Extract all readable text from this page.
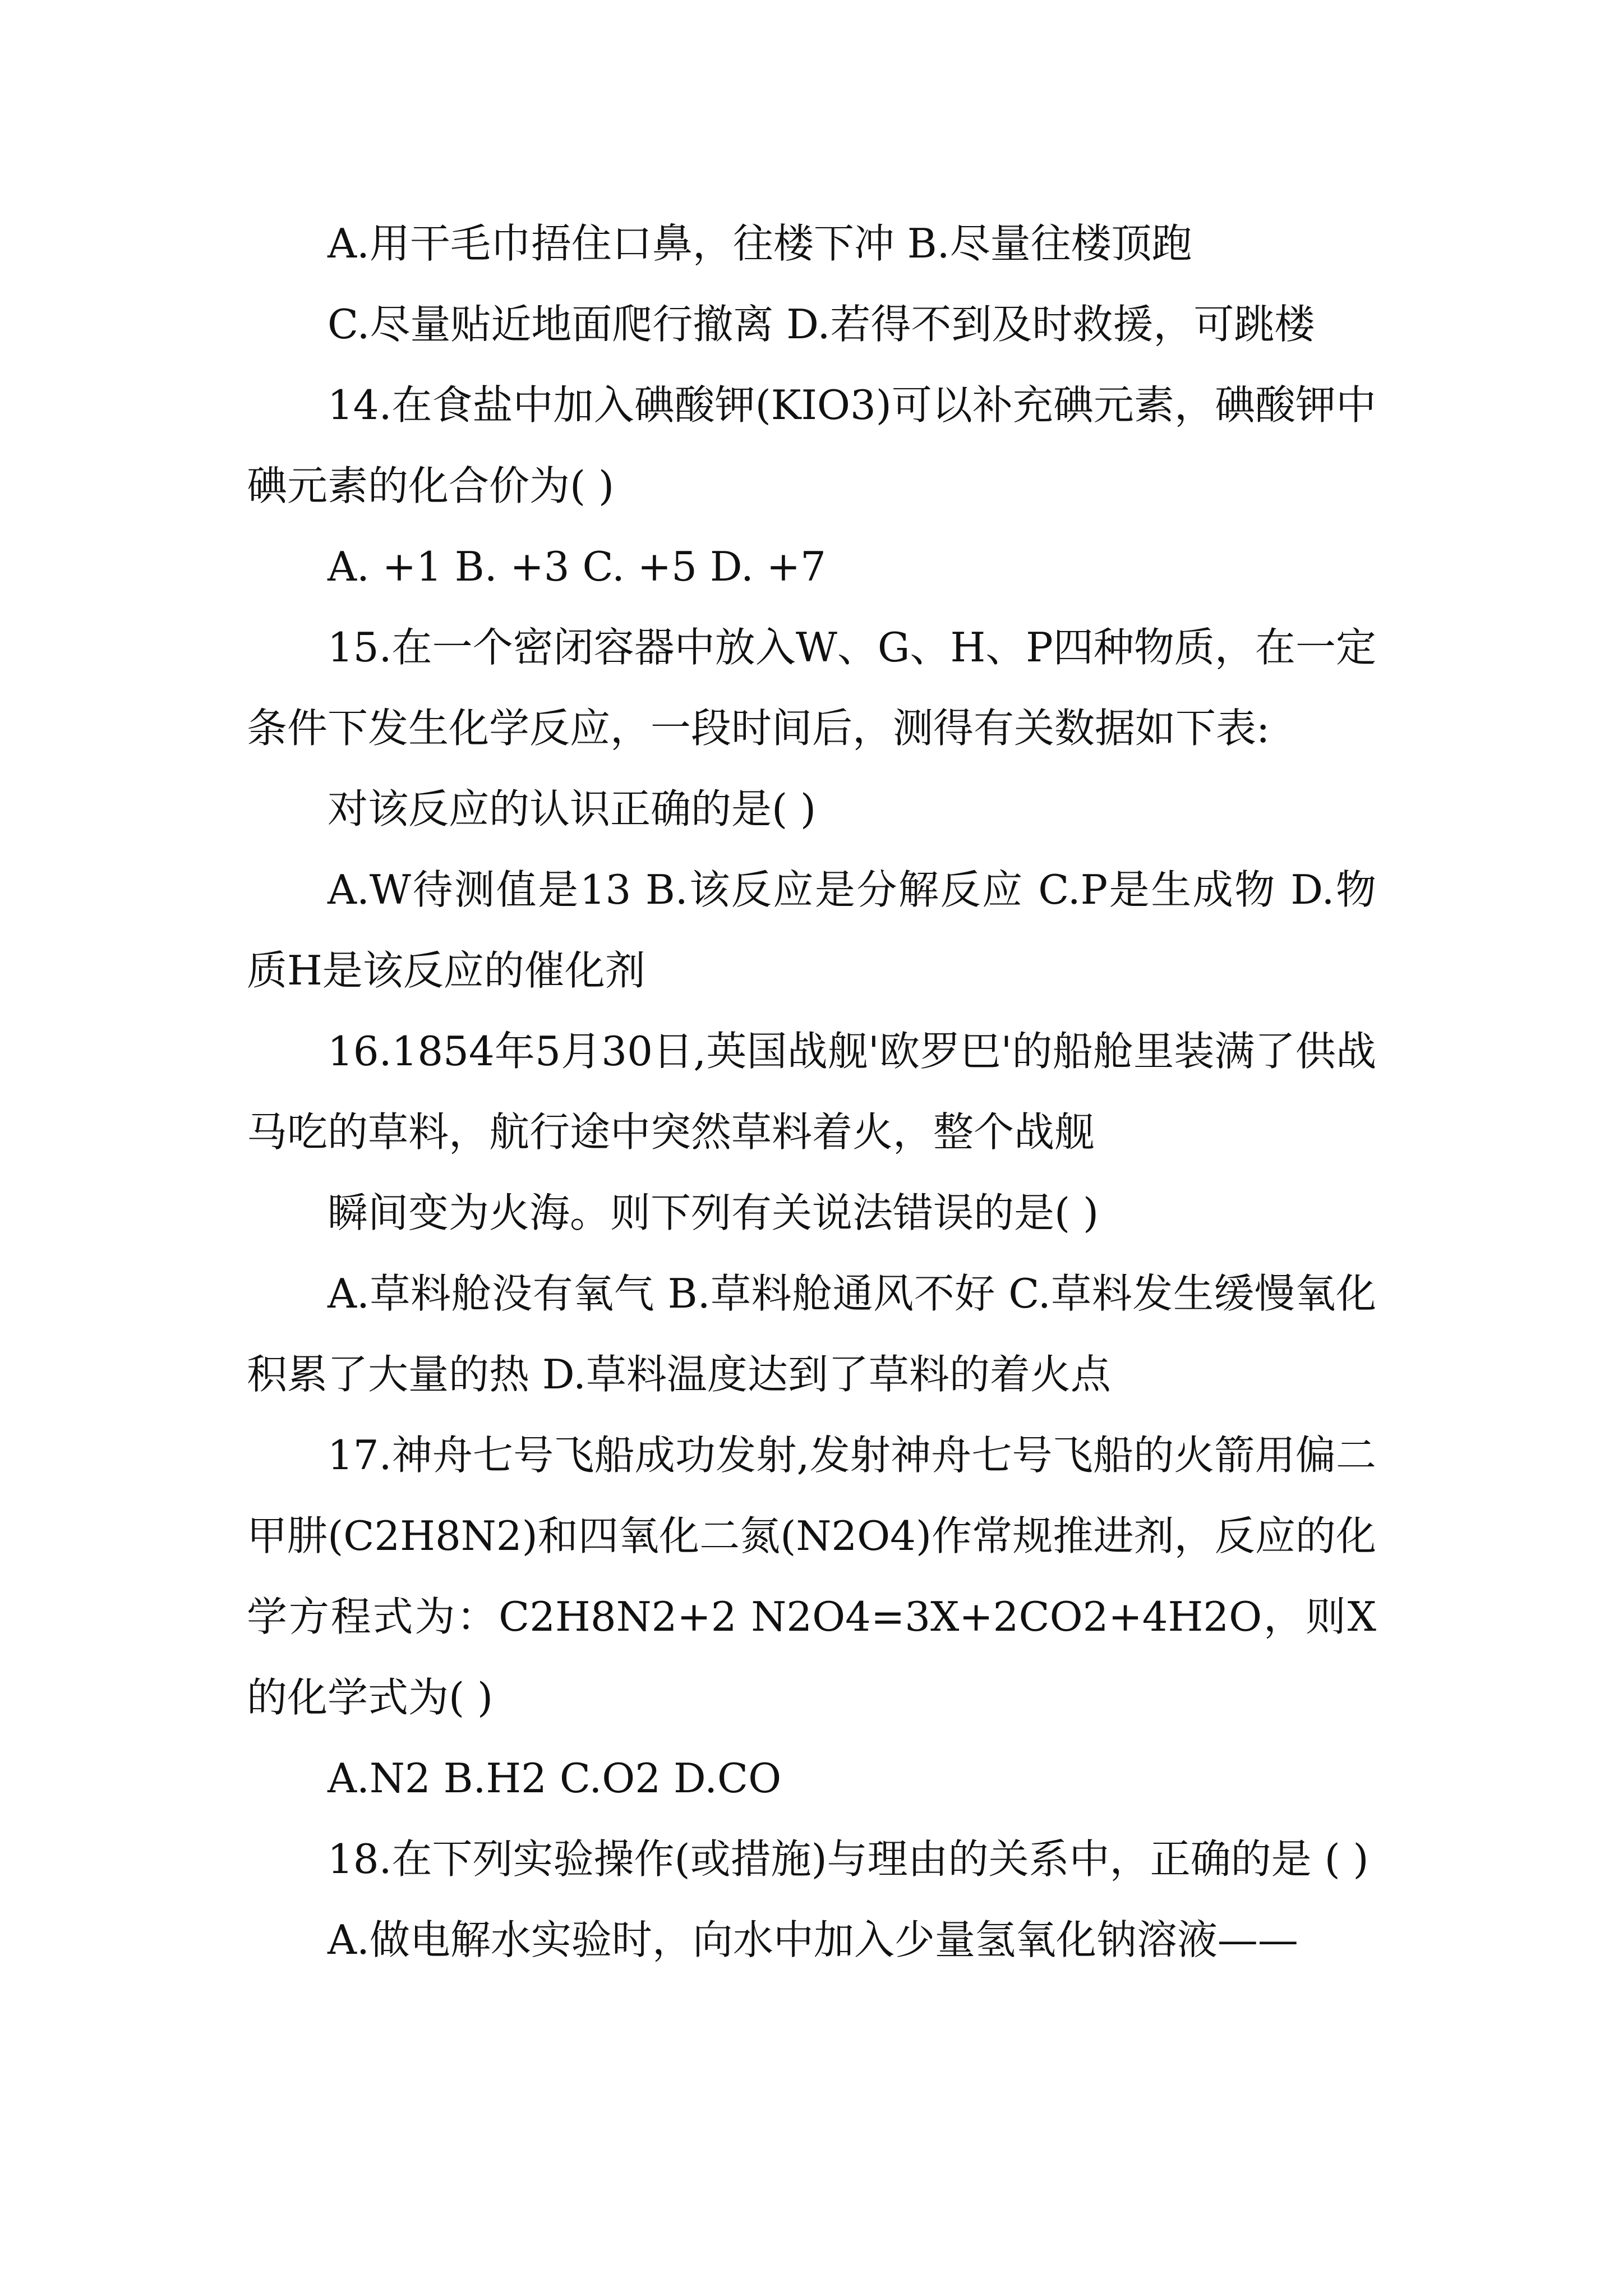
A.用干毛巾捂住口鼻，往楼下冲 B.尽量往楼顶跑

C.尽量贴近地面爬行撤离 D.若得不到及时救援，可跳楼

14.在食盐中加入碘酸钾(KIO3)可以补充碘元素，碘酸钾中碘元素的化合价为( )

A. +1 B. +3 C. +5 D. +7

15.在一个密闭容器中放入W、G、H、P四种物质，在一定条件下发生化学反应，一段时间后，测得有关数据如下表:

对该反应的认识正确的是( )

A.W待测值是13 B.该反应是分解反应 C.P是生成物 D.物质H是该反应的催化剂

16.1854年5月30日,英国战舰'欧罗巴'的船舱里装满了供战马吃的草料，航行途中突然草料着火，整个战舰

瞬间变为火海。则下列有关说法错误的是( )

A.草料舱没有氧气 B.草料舱通风不好 C.草料发生缓慢氧化积累了大量的热 D.草料温度达到了草料的着火点

17.神舟七号飞船成功发射,发射神舟七号飞船的火箭用偏二甲肼(C2H8N2)和四氧化二氮(N2O4)作常规推进剂，反应的化学方程式为：C2H8N2+2 N2O4=3X+2CO2+4H2O，则X的化学式为( )

A.N2 B.H2 C.O2 D.CO

18.在下列实验操作(或措施)与理由的关系中，正确的是 ( )

A.做电解水实验时，向水中加入少量氢氧化钠溶液——
